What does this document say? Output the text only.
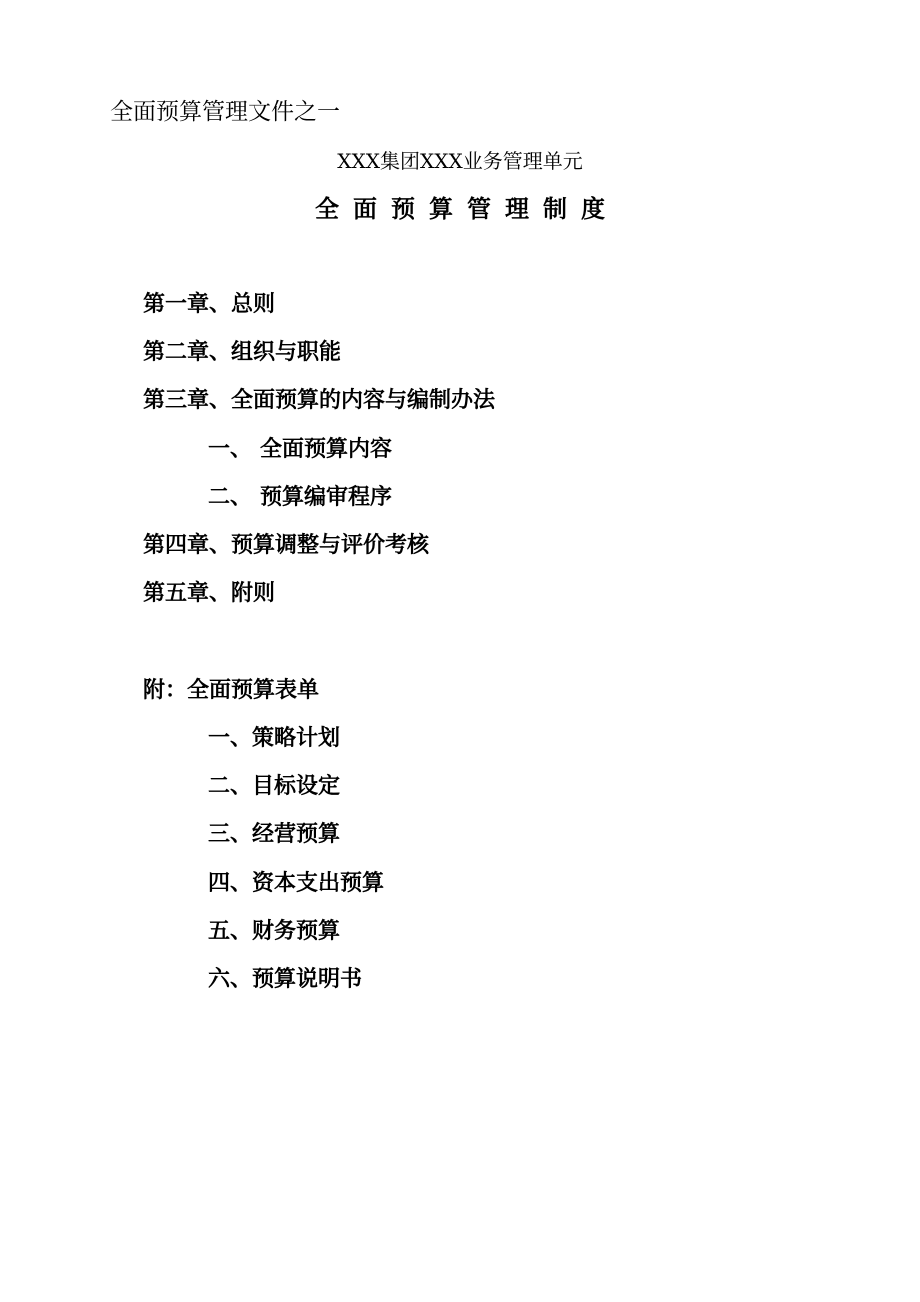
全面预算管理文件之一
XXX集团XXX业务管理单元
全面预算管理制度
第一章、总则
第二章、组织与职能
第三章、全面预算的内容与编制办法
一、 全面预算内容
二、 预算编审程序
第四章、预算调整与评价考核
第五章、附则
附：全面预算表单
一、策略计划
二、目标设定
三、经营预算
四、资本支出预算
五、财务预算
六、预算说明书
